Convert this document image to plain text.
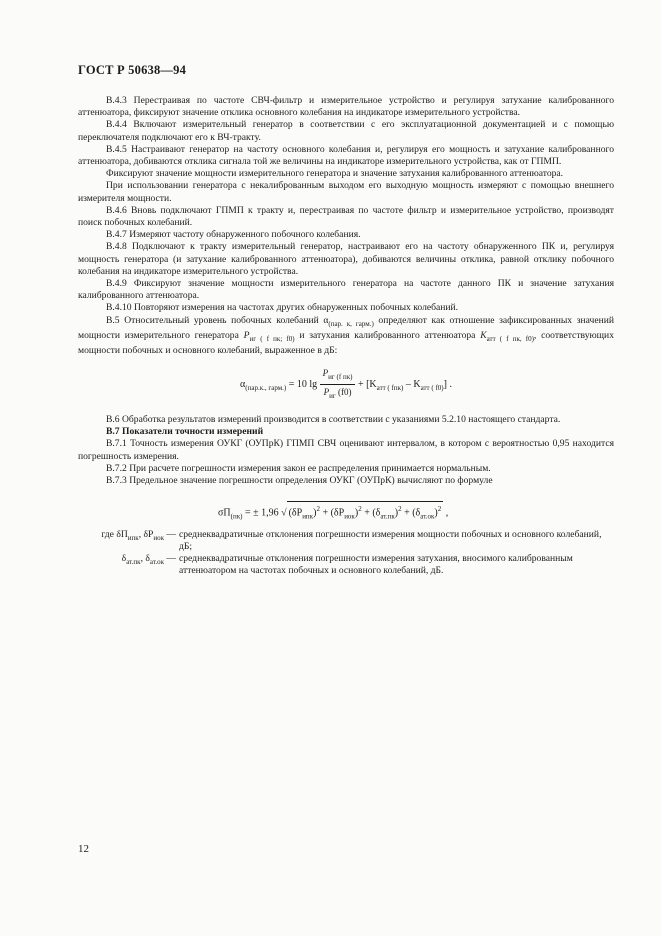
ГОСТ Р 50638—94

В.4.3 Перестраивая по частоте СВЧ-фильтр и измерительное устройство и регулируя затухание калиброванного аттенюатора, фиксируют значение отклика основного колебания на индикаторе измерительного устройства.

В.4.4 Включают измерительный генератор в соответствии с его эксплуатационной документацией и с помощью переключателя подключают его к ВЧ-тракту.

В.4.5 Настраивают генератор на частоту основного колебания и, регулируя его мощность и затухание калиброванного аттенюатора, добиваются отклика сигнала той же величины на индикаторе измерительного устройства, как от ГПМП.

Фиксируют значение мощности измерительного генератора и значение затухания калиброванного аттенюатора.

При использовании генератора с некалиброванным выходом его выходную мощность измеряют с помощью внешнего измерителя мощности.

В.4.6 Вновь подключают ГПМП к тракту и, перестраивая по частоте фильтр и измерительное устройство, производят поиск побочных колебаний.

В.4.7 Измеряют частоту обнаруженного побочного колебания.

В.4.8 Подключают к тракту измерительный генератор, настраивают его на частоту обнаруженного ПК и, регулируя мощность генератора (и затухание калиброванного аттенюатора), добиваются величины отклика, равной отклику побочного колебания на индикаторе измерительного устройства.

В.4.9 Фиксируют значение мощности измерительного генератора на частоте данного ПК и значение затухания калиброванного аттенюатора.

В.4.10 Повторяют измерения на частотах других обнаруженных побочных колебаний.

В.5 Относительный уровень побочных колебаний $\alpha_{(пар. к, гарм.)}$ определяют как отношение зафиксированных значений мощности измерительного генератора $P_{иг ( f пк; f0)}$ и затухания калиброванного аттенюатора $K_{атт ( f пк, f0)}$, соответствующих мощности побочных и основного колебаний, выраженное в дБ:

$\alpha_{(пар.к., гарм.)} = 10$ $\lg \frac{P_{иг (f пк)}}{P_{иг} (f0)} + [K_{атт ( fпк)} - K_{атт ( f0)}]$ .

В.6 Обработка результатов измерений производится в соответствии с указаниями 5.2.10 настоящего стандарта.

В.7 Показатели точности измерений

В.7.1 Точность измерения ОУКГ (ОУПрК) ГПМП СВЧ оценивают интервалом, в котором с вероятностью 0,95 находится погрешность измерения.

В.7.2 При расчете погрешности измерения закон ее распределения принимается нормальным.

В.7.3 Предельное значение погрешности определения ОУКГ (ОУПрК) вычисляют по формуле

$\sigma П_{(пк)}$ = ± 1,96 √ $(\delta P_{ипк})^2 + (\delta P_{иок})^2 + (\delta_{ат.пк})^2 + (\delta_{ат.ок})^2$ ,
где $\delta П_{ипк}$, $\delta P_{иок}$ — среднеквадратичные отклонения погрешности измерения мощности побочных и основного колебаний, дБ;
$\delta_{ат.пк}$, $\delta_{ат.ок}$ — среднеквадратичные отклонения погрешности измерения затухания, вносимого калиброванным аттенюатором на частотах побочных и основного колебаний, дБ.
12
